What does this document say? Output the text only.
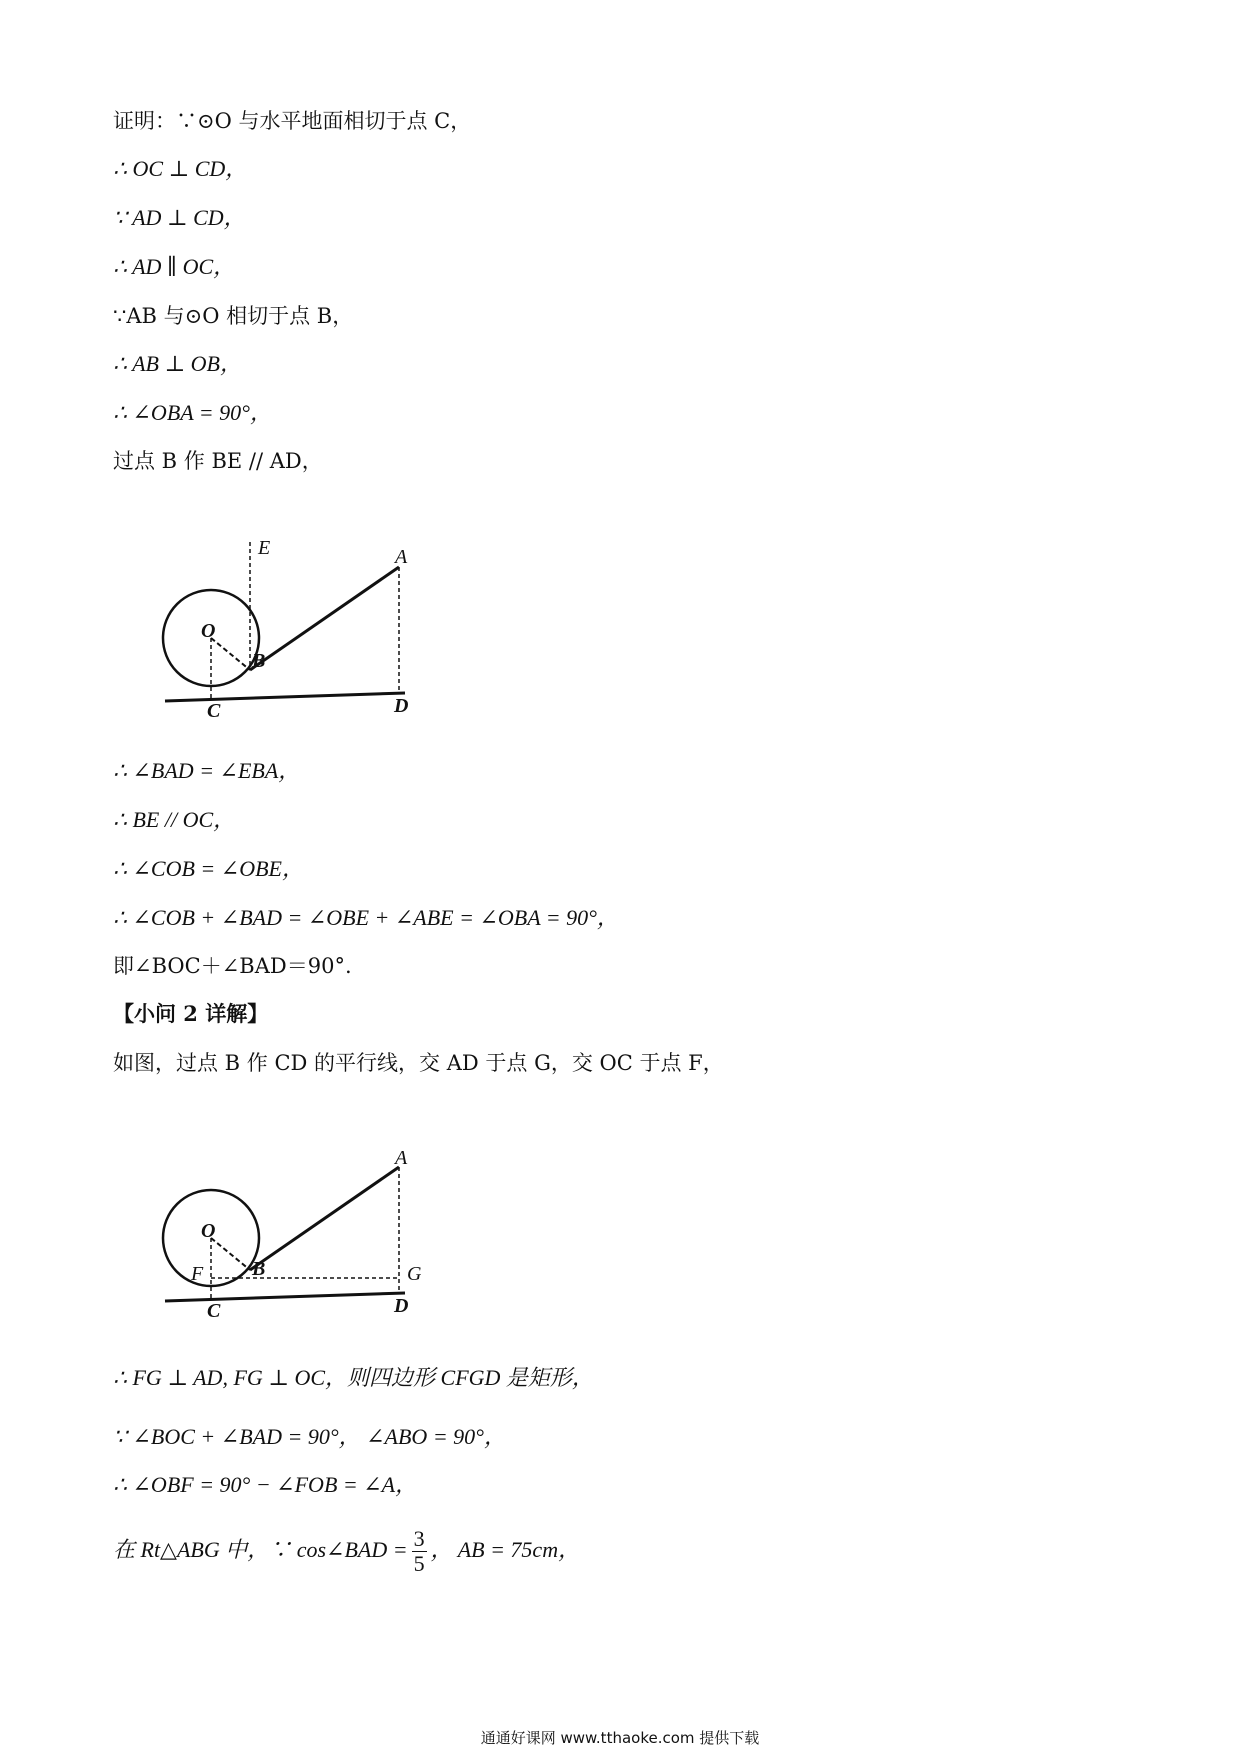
证明：∵⊙O 与水平地面相切于点 C，
∴ OC ⊥ CD，
∵ AD ⊥ CD，
∴ AD ∥ OC，
∵AB 与⊙O 相切于点 B，
∴ AB ⊥ OB，
∴ ∠OBA = 90°，
过点 B 作 BE // AD，
E	A
O
B
C	D
∴ ∠BAD = ∠EBA，
∴ BE // OC，
∴ ∠COB = ∠OBE，
∴ ∠COB + ∠BAD = ∠OBE + ∠ABE = ∠OBA = 90°，
即∠BOC＋∠BAD＝90°.
【小问 2 详解】
如图，过点 B 作 CD 的平行线，交 AD 于点 G，交 OC 于点 F，
A
O
F B	G
C	D
∴ FG ⊥ AD, FG ⊥ OC，则四边形 CFGD 是矩形，
∵ ∠BOC + ∠BAD = 90°， ∠ABO = 90°，
∴ ∠OBF = 90° − ∠FOB = ∠A，
在 Rt△ABG 中，∵ cos∠BAD = $\frac{3}{5}$ ， AB = 75cm，
通通好课网 www.tthaoke.com 提供下载
